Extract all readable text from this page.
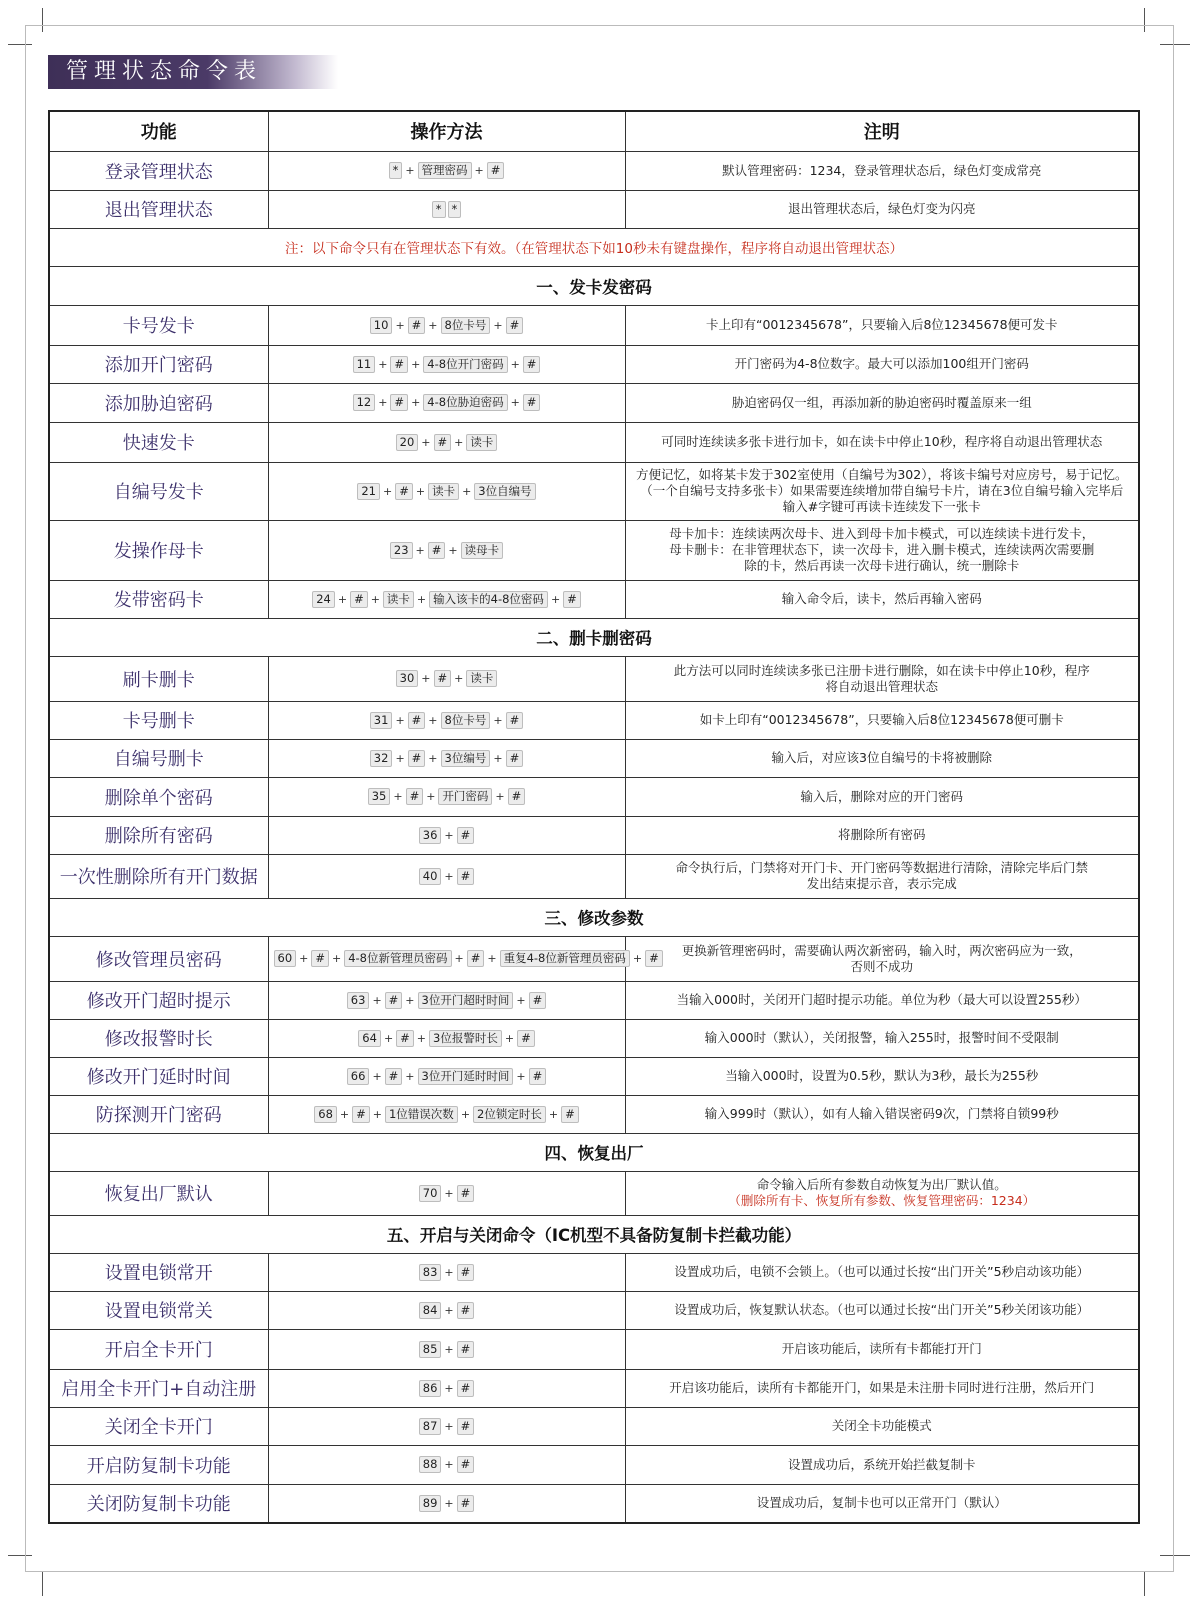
管理状态命令表
功能	操作方法	注明
登录管理状态	* + 管理密码 + #	默认管理密码：1234，登录管理状态后，绿色灯变成常亮

退出管理状态	* *	退出管理状态后，绿色灯变为闪亮

注：以下命令只有在管理状态下有效。（在管理状态下如10秒未有键盘操作，程序将自动退出管理状态）		
一、发卡发密码		
卡号发卡	10 + # + 8位卡号 + #	卡上印有“0012345678”，只要输入后8位12345678便可发卡

添加开门密码	11 + # + 4-8位开门密码 + #	开门密码为4-8位数字。最大可以添加100组开门密码

添加胁迫密码	12 + # + 4-8位胁迫密码 + #	胁迫密码仅一组，再添加新的胁迫密码时覆盖原来一组

快速发卡	20 + # + 读卡	可同时连续读多张卡进行加卡，如在读卡中停止10秒，程序将自动退出管理状态

自编号发卡	21 + # + 读卡 + 3位自编号	方便记忆，如将某卡发于302室使用（自编号为302），将该卡编号对应房号，易于记忆。
（一个自编号支持多张卡）如果需要连续增加带自编号卡片，请在3位自编号输入完毕后
输入#字键可再读卡连续发下一张卡

发操作母卡	23 + # + 读母卡	母卡加卡：连续读两次母卡、进入到母卡加卡模式，可以连续读卡进行发卡，
母卡删卡：在非管理状态下，读一次母卡，进入删卡模式，连续读两次需要删
除的卡，然后再读一次母卡进行确认，统一删除卡

发带密码卡	24 + # + 读卡 + 输入该卡的4-8位密码 + #	输入命令后，读卡，然后再输入密码

二、删卡删密码		
刷卡删卡	30 + # + 读卡	此方法可以同时连续读多张已注册卡进行删除，如在读卡中停止10秒，程序
将自动退出管理状态

卡号删卡	31 + # + 8位卡号 + #	如卡上印有“0012345678”，只要输入后8位12345678便可删卡

自编号删卡	32 + # + 3位编号 + #	输入后，对应该3位自编号的卡将被删除

删除单个密码	35 + # + 开门密码 + #	输入后，删除对应的开门密码

删除所有密码	36 + #	将删除所有密码

一次性删除所有开门数据	40 + #	命令执行后，门禁将对开门卡、开门密码等数据进行清除，清除完毕后门禁
发出结束提示音，表示完成

三、修改参数		
修改管理员密码	60 + # + 4-8位新管理员密码 + # + 重复4-8位新管理员密码 + #	更换新管理密码时，需要确认两次新密码，输入时，两次密码应为一致，
否则不成功

修改开门超时提示	63 + # + 3位开门超时时间 + #	当输入000时，关闭开门超时提示功能。单位为秒（最大可以设置255秒）

修改报警时长	64 + # + 3位报警时长 + #	输入000时（默认），关闭报警，输入255时，报警时间不受限制

修改开门延时时间	66 + # + 3位开门延时时间 + #	当输入000时，设置为0.5秒，默认为3秒，最长为255秒

防探测开门密码	68 + # + 1位错误次数 + 2位锁定时长 + #	输入999时（默认），如有人输入错误密码9次，门禁将自锁99秒

四、恢复出厂		
恢复出厂默认	70 + #	命令输入后所有参数自动恢复为出厂默认值。
（删除所有卡、恢复所有参数、恢复管理密码：1234）

五、开启与关闭命令（IC机型不具备防复制卡拦截功能）		
设置电锁常开	83 + #	设置成功后，电锁不会锁上。（也可以通过长按“出门开关”5秒启动该功能）

设置电锁常关	84 + #	设置成功后，恢复默认状态。（也可以通过长按“出门开关”5秒关闭该功能）

开启全卡开门	85 + #	开启该功能后，读所有卡都能打开门

启用全卡开门+自动注册	86 + #	开启该功能后，读所有卡都能开门，如果是未注册卡同时进行注册，然后开门

关闭全卡开门	87 + #	关闭全卡功能模式

开启防复制卡功能	88 + #	设置成功后，系统开始拦截复制卡

关闭防复制卡功能	89 + #	设置成功后，复制卡也可以正常开门（默认）
